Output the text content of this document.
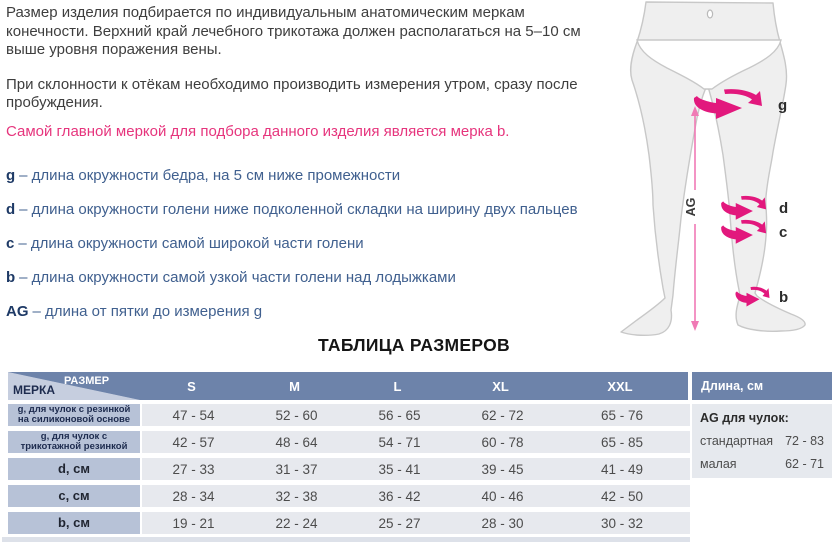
Размер изделия подбирается по индивидуальным анатомическим меркам конечности. Верхний край лечебного трикотажа должен располагаться на 5–10 см выше уровня поражения вены.

При склонности к отёкам необходимо производить измерения утром, сразу после пробуждения.

Самой главной меркой для подбора данного изделия является мерка b.

g – длина окружности бедра, на 5 см ниже промежности

d – длина окружности голени ниже подколенной складки на ширину двух пальцев

c – длина окружности самой широкой части голени

b – длина окружности самой узкой части голени над лодыжками

AG – длина от пятки до измерения g

AG
g
d
c
b
ТАБЛИЦА РАЗМЕРОВ
РАЗМЕР
МЕРКА	S	M	L	XL	XXL
g, для чулок с резинкой
на силиконовой основе	47 - 54	52 - 60	56 - 65	62 - 72	65 - 76
g, для чулок с
трикотажной резинкой	42 - 57	48 - 64	54 - 71	60 - 78	65 - 85
d, см	27 - 33	31 - 37	35 - 41	39 - 45	41 - 49
c, см	28 - 34	32 - 38	36 - 42	40 - 46	42 - 50
b, см	19 - 21	22 - 24	25 - 27	28 - 30	30 - 32
Длина, см
AG для чулок:
стандартная 72 - 83
малая	62 - 71
